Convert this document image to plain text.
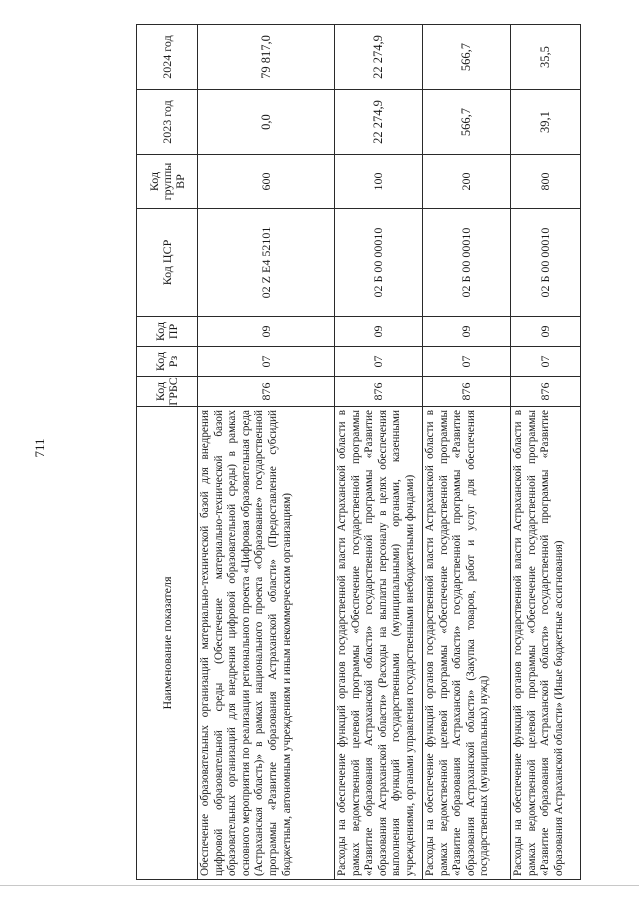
711
Наименование показателя	Код ГРБС	Код Рз	Код ПР	Код ЦСР	Код группы ВР	2023 год	2024 год
Обеспечение образовательных организаций материально-технической базой для внедрения цифровой образовательной среды (Обеспечение материально-технической базой образовательных организаций для внедрения цифровой образовательной среды) в рамках основного мероприятия по реализации регионального проекта «Цифровая образовательная среда (Астраханская область)» в рамках национального проекта «Образование» государственной программы «Развитие образования Астраханской области» (Предоставление субсидий бюджетным, автономным учреждениям и иным некоммерческим организациям)	876	07	09	02 Z E4 52101	600	0,0	79 817,0
Расходы на обеспечение функций органов государственной власти Астраханской области в рамках ведомственной целевой программы «Обеспечение государственной программы «Развитие образования Астраханской области» государственной программы «Развитие образования Астраханской области» (Расходы на выплаты персоналу в целях обеспечения выполнения функций государственными (муниципальными) органами, казенными учреждениями, органами управления государственными внебюджетными фондами)	876	07	09	02 Б 00 00010	100	22 274,9	22 274,9
Расходы на обеспечение функций органов государственной власти Астраханской области в рамках ведомственной целевой программы «Обеспечение государственной программы «Развитие образования Астраханской области» государственной программы «Развитие образования Астраханской области» (Закупка товаров, работ и услуг для обеспечения государственных (муниципальных) нужд)	876	07	09	02 Б 00 00010	200	566,7	566,7
Расходы на обеспечение функций органов государственной власти Астраханской области в рамках ведомственной целевой программы «Обеспечение государственной программы «Развитие образования Астраханской области» государственной программы «Развитие образования Астраханской области» (Иные бюджетные ассигнования)	876	07	09	02 Б 00 00010	800	39,1	35,5
